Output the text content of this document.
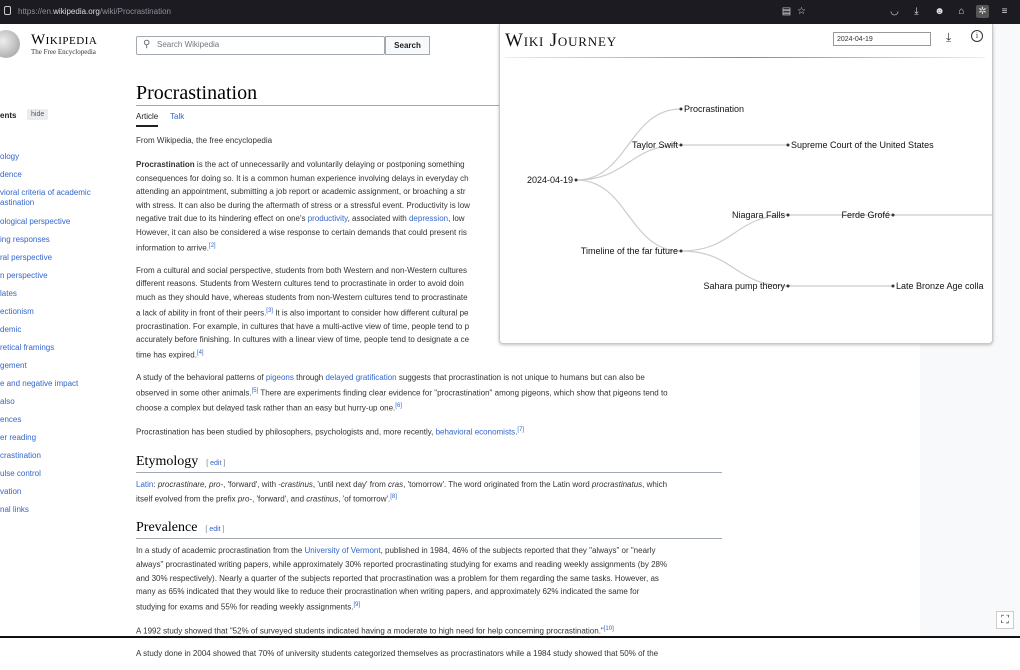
https://en.wikipedia.org/wiki/Procrastination	▤ ☆	◡	⤓	☻	⌂	✲	≡
Wikipedia
The Free Encyclopedia
⚲
Search Wikipedia	Search
ents	hide
ology
dence
vioral criteria of academic astination
ological perspective
ing responses
ral perspective
n perspective
lates
ectionism
demic
retical framings
gement
e and negative impact
also
ences
er reading
crastination
ulse control
vation
nal links
Procrastination
Article Talk
From Wikipedia, the free encyclopedia
Procrastination is the act of unnecessarily and voluntarily delaying or postponing something
consequences for doing so. It is a common human experience involving delays in everyday ch
attending an appointment, submitting a job report or academic assignment, or broaching a str
with stress. It can also be during the aftermath of stress or a stressful event. Productivity is low
negative trait due to its hindering effect on one's productivity, associated with depression, low
However, it can also be considered a wise response to certain demands that could present ris
information to arrive.[2]
From a cultural and social perspective, students from both Western and non-Western cultures
different reasons. Students from Western cultures tend to procrastinate in order to avoid doin
much as they should have, whereas students from non-Western cultures tend to procrastinate
a lack of ability in front of their peers.[3] It is also important to consider how different cultural pe
procrastination. For example, in cultures that have a multi-active view of time, people tend to p
accurately before finishing. In cultures with a linear view of time, people tend to designate a ce
time has expired.[4]
A study of the behavioral patterns of pigeons through delayed gratification suggests that procrastination is not unique to humans but can also be
observed in some other animals.[5] There are experiments finding clear evidence for "procrastination" among pigeons, which show that pigeons tend to
choose a complex but delayed task rather than an easy but hurry-up one.[6]
Procrastination has been studied by philosophers, psychologists and, more recently, behavioral economists.[7]
Etymology [ edit ]
Latin: procrastinare, pro-, 'forward', with -crastinus, 'until next day' from cras, 'tomorrow'. The word originated from the Latin word procrastinatus, which
itself evolved from the prefix pro-, 'forward', and crastinus, 'of tomorrow'.[8]
Prevalence [ edit ]
In a study of academic procrastination from the University of Vermont, published in 1984, 46% of the subjects reported that they "always" or "nearly
always" procrastinated writing papers, while approximately 30% reported procrastinating studying for exams and reading weekly assignments (by 28%
and 30% respectively). Nearly a quarter of the subjects reported that procrastination was a problem for them regarding the same tasks. However, as
many as 65% indicated that they would like to reduce their procrastination when writing papers, and approximately 62% indicated the same for
studying for exams and 55% for reading weekly assignments.[9]
A 1992 study showed that "52% of surveyed students indicated having a moderate to high need for help concerning procrastination."[10]
A study done in 2004 showed that 70% of university students categorized themselves as procrastinators while a 1984 study showed that 50% of the
Wiki Journey
2024-04-19	⤓	i
2024-04-19
Procrastination
Taylor Swift	Supreme Court of the United States
Timeline of the far future
Niagara Falls	Ferde Grofé
Sahara pump theory	Late Bronze Age colla
⛶
